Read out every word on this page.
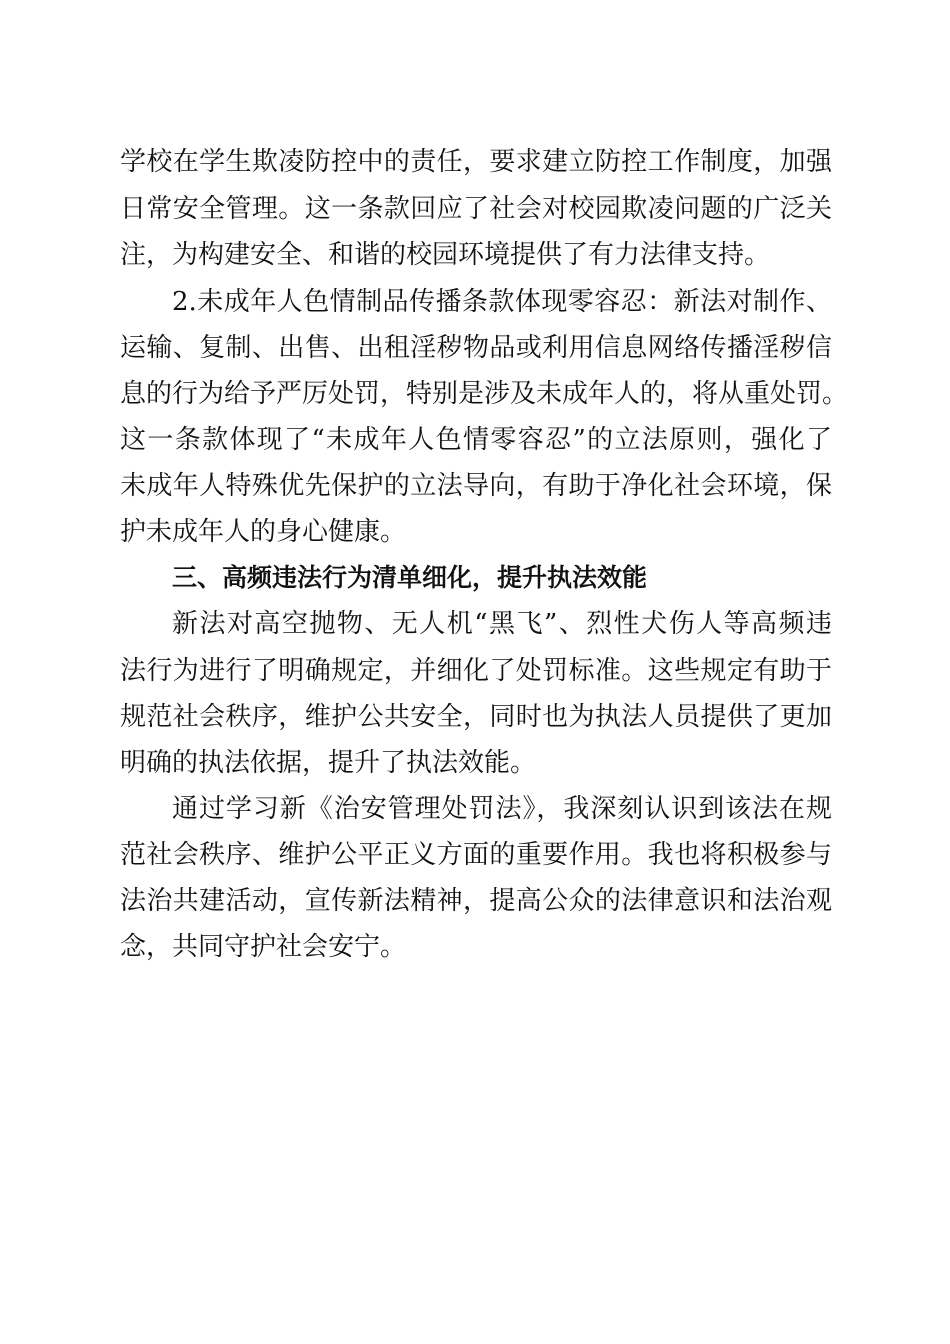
学校在学生欺凌防控中的责任，要求建立防控工作制度，加强
日常安全管理。这一条款回应了社会对校园欺凌问题的广泛关
注，为构建安全、和谐的校园环境提供了有力法律支持。
2.未成年人色情制品传播条款体现零容忍：新法对制作、
运输、复制、出售、出租淫秽物品或利用信息网络传播淫秽信
息的行为给予严厉处罚，特别是涉及未成年人的，将从重处罚。
这一条款体现了“未成年人色情零容忍”的立法原则，强化了
未成年人特殊优先保护的立法导向，有助于净化社会环境，保
护未成年人的身心健康。
三、高频违法行为清单细化，提升执法效能
新法对高空抛物、无人机“黑飞”、烈性犬伤人等高频违
法行为进行了明确规定，并细化了处罚标准。这些规定有助于
规范社会秩序，维护公共安全，同时也为执法人员提供了更加
明确的执法依据，提升了执法效能。
通过学习新《治安管理处罚法》，我深刻认识到该法在规
范社会秩序、维护公平正义方面的重要作用。我也将积极参与
法治共建活动，宣传新法精神，提高公众的法律意识和法治观
念，共同守护社会安宁。
